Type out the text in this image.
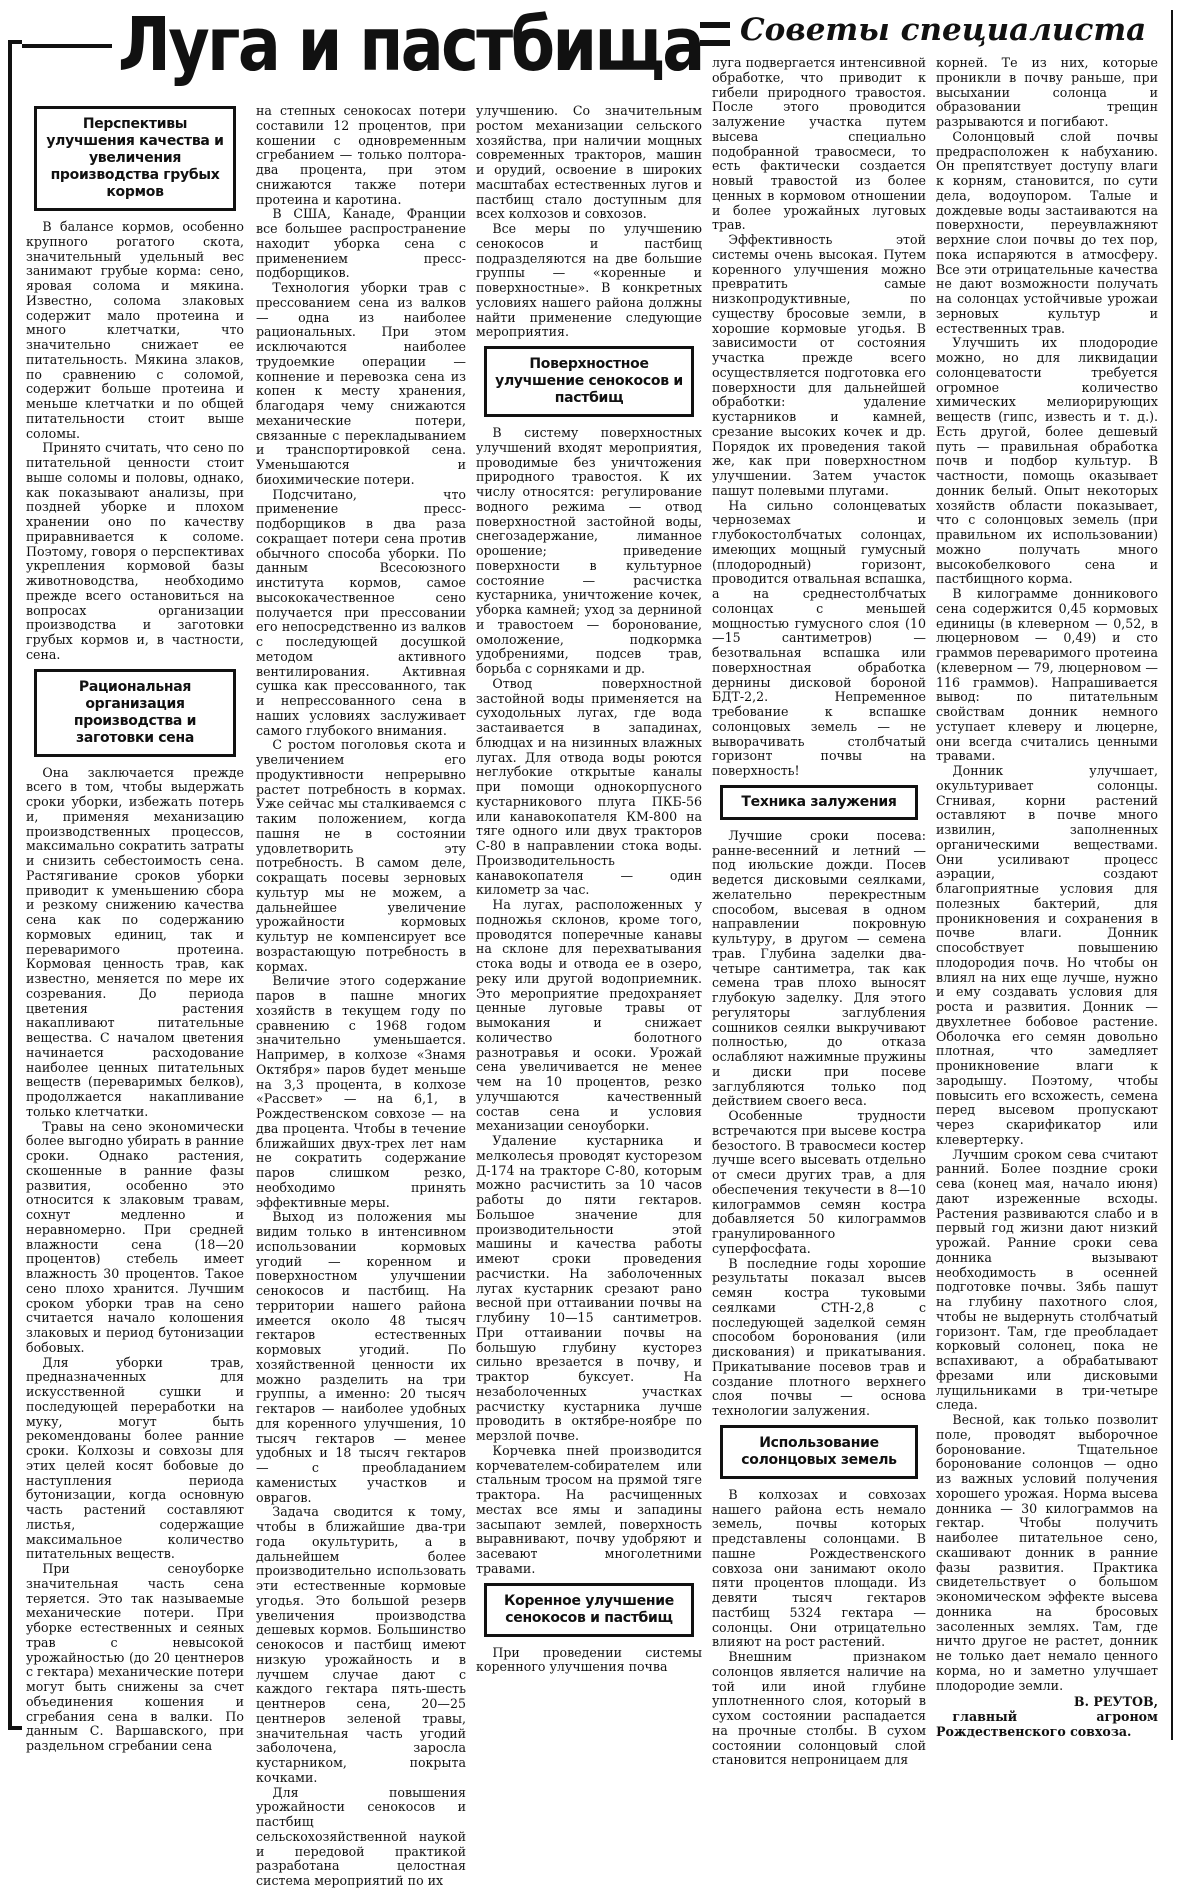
Луга и пастбища Советы специалиста
Перспективы улучшения качества и увеличения производства грубых кормов

В балансе кормов, особенно крупного рогатого скота, значительный удельный вес занимают грубые корма: сено, яровая солома и мякина. Известно, солома злаковых содержит мало протеина и много клетчатки, что значительно снижает ее питательность. Мякина злаков, по сравнению с соломой, содержит больше протеина и меньше клетчатки и по общей питательности стоит выше соломы.

Принято считать, что сено по питательной ценности стоит выше соломы и половы, однако, как показывают анализы, при поздней уборке и плохом хранении оно по качеству приравнивается к соломе. Поэтому, говоря о перспективах укрепления кормовой базы животноводства, необходимо прежде всего остановиться на вопросах организации производства и заготовки грубых кормов и, в частности, сена.

Рациональная организация производства и заготовки сена

Она заключается прежде всего в том, чтобы выдержать сроки уборки, избежать потерь и, применяя механизацию производственных процессов, максимально сократить затраты и снизить себестоимость сена. Растягивание сроков уборки приводит к уменьшению сбора и резкому снижению качества сена как по содержанию кормовых единиц, так и переваримого протеина. Кормовая ценность трав, как известно, меняется по мере их созревания. До периода цветения растения накапливают питательные вещества. С началом цветения начинается расходование наиболее ценных питательных веществ (переваримых белков), продолжается накапливание только клетчатки.

Травы на сено экономически более выгодно убирать в ранние сроки. Однако растения, скошенные в ранние фазы развития, особенно это относится к злаковым травам, сохнут медленно и неравномерно. При средней влажности сена (18—20 процентов) стебель имеет влажность 30 процентов. Такое сено плохо хранится. Лучшим сроком уборки трав на сено считается начало колошения злаковых и период бутонизации бобовых.

Для уборки трав, предназначенных для искусственной сушки и последующей переработки на муку, могут быть рекомендованы более ранние сроки. Колхозы и совхозы для этих целей косят бобовые до наступления периода бутонизации, когда основную часть растений составляют листья, содержащие максимальное количество питательных веществ.

При сеноуборке значительная часть сена теряется. Это так называемые механические потери. При уборке естественных и сеяных трав с невысокой урожайностью (до 20 центнеров с гектара) механические потери могут быть снижены за счет объединения кошения и сгребания сена в валки. По данным С. Варшавского, при раздельном сгребании сена

на степных сенокосах потери составили 12 процентов, при кошении с одновременным сгребанием — только полтора-два процента, при этом снижаются также потери протеина и каротина.

В США, Канаде, Франции все большее распространение находит уборка сена с применением пресс-подборщиков.

Технология уборки трав с прессованием сена из валков — одна из наиболее рациональных. При этом исключаются наиболее трудоемкие операции — копнение и перевозка сена из копен к месту хранения, благодаря чему снижаются механические потери, связанные с перекладыванием и транспортировкой сена. Уменьшаются и биохимические потери.

Подсчитано, что применение пресс-подборщиков в два раза сокращает потери сена против обычного способа уборки. По данным Всесоюзного института кормов, самое высококачественное сено получается при прессовании его непосредственно из валков с последующей досушкой методом активного вентилирования. Активная сушка как прессованного, так и непрессованного сена в наших условиях заслуживает самого глубокого внимания.

С ростом поголовья скота и увеличением его продуктивности непрерывно растет потребность в кормах. Уже сейчас мы сталкиваемся с таким положением, когда пашня не в состоянии удовлетворить эту потребность. В самом деле, сокращать посевы зерновых культур мы не можем, а дальнейшее увеличение урожайности кормовых культур не компенсирует все возрастающую потребность в кормах.

Величие этого содержание паров в пашне многих хозяйств в текущем году по сравнению с 1968 годом значительно уменьшается. Например, в колхозе «Знамя Октября» паров будет меньше на 3,3 процента, в колхозе «Рассвет» — на 6,1, в Рождественском совхозе — на два процента. Чтобы в течение ближайших двух-трех лет нам не сократить содержание паров слишком резко, необходимо принять эффективные меры.

Выход из положения мы видим только в интенсивном использовании кормовых угодий — коренном и поверхностном улучшении сенокосов и пастбищ. На территории нашего района имеется около 48 тысяч гектаров естественных кормовых угодий. По хозяйственной ценности их можно разделить на три группы, а именно: 20 тысяч гектаров — наиболее удобных для коренного улучшения, 10 тысяч гектаров — менее удобных и 18 тысяч гектаров — с преобладанием каменистых участков и оврагов.

Задача сводится к тому, чтобы в ближайшие два-три года окультурить, а в дальнейшем более производительно использовать эти естественные кормовые угодья. Это большой резерв увеличения производства дешевых кормов. Большинство сенокосов и пастбищ имеют низкую урожайность и в лучшем случае дают с каждого гектара пять-шесть центнеров сена, 20—25 центнеров зеленой травы, значительная часть угодий заболочена, заросла кустарником, покрыта кочками.

Для повышения урожайности сенокосов и пастбищ сельскохозяйственной наукой и передовой практикой разработана целостная система мероприятий по их

улучшению. Со значительным ростом механизации сельского хозяйства, при наличии мощных современных тракторов, машин и орудий, освоение в широких масштабах естественных лугов и пастбищ стало доступным для всех колхозов и совхозов.

Все меры по улучшению сенокосов и пастбищ подразделяются на две большие группы — «коренные и поверхностные». В конкретных условиях нашего района должны найти применение следующие мероприятия.

Поверхностное улучшение сенокосов и пастбищ

В систему поверхностных улучшений входят мероприятия, проводимые без уничтожения природного травостоя. К их числу относятся: регулирование водного режима — отвод поверхностной застойной воды, снегозадержание, лиманное орошение; приведение поверхности в культурное состояние — расчистка кустарника, уничтожение кочек, уборка камней; уход за дерниной и травостоем — боронование, омоложение, подкормка удобрениями, подсев трав, борьба с сорняками и др.

Отвод поверхностной застойной воды применяется на суходольных лугах, где вода застаивается в западинах, блюдцах и на низинных влажных лугах. Для отвода воды роются неглубокие открытые каналы при помощи однокорпусного кустарникового плуга ПКБ-56 или канавокопателя КМ-800 на тяге одного или двух тракторов С-80 в направлении стока воды. Производительность канавокопателя — один километр за час.

На лугах, расположенных у подножья склонов, кроме того, проводятся поперечные канавы на склоне для перехватывания стока воды и отвода ее в озеро, реку или другой водоприемник. Это мероприятие предохраняет ценные луговые травы от вымокания и снижает количество болотного разнотравья и осоки. Урожай сена увеличивается не менее чем на 10 процентов, резко улучшаются качественный состав сена и условия механизации сеноуборки.

Удаление кустарника и мелколесья проводят кусторезом Д-174 на тракторе С-80, которым можно расчистить за 10 часов работы до пяти гектаров. Большое значение для производительности этой машины и качества работы имеют сроки проведения расчистки. На заболоченных лугах кустарник срезают рано весной при оттаивании почвы на глубину 10—15 сантиметров. При оттаивании почвы на большую глубину кусторез сильно врезается в почву, и трактор буксует. На незаболоченных участках расчистку кустарника лучше проводить в октябре-ноябре по мерзлой почве.

Корчевка пней производится корчевателем-собирателем или стальным тросом на прямой тяге трактора. На расчищенных местах все ямы и западины засыпают землей, поверхность выравнивают, почву удобряют и засевают многолетними травами.

Коренное улучшение сенокосов и пастбищ

При проведении системы коренного улучшения почва

луга подвергается интенсивной обработке, что приводит к гибели природного травостоя. После этого проводится залужение участка путем высева специально подобранной травосмеси, то есть фактически создается новый травостой из более ценных в кормовом отношении и более урожайных луговых трав.

Эффективность этой системы очень высокая. Путем коренного улучшения можно превратить самые низкопродуктивные, по существу бросовые земли, в хорошие кормовые угодья. В зависимости от состояния участка прежде всего осуществляется подготовка его поверхности для дальнейшей обработки: удаление кустарников и камней, срезание высоких кочек и др. Порядок их проведения такой же, как при поверхностном улучшении. Затем участок пашут полевыми плугами.

На сильно солонцеватых черноземах и глубокостолбчатых солонцах, имеющих мощный гумусный (плодородный) горизонт, проводится отвальная вспашка, а на среднестолбчатых солонцах с меньшей мощностью гумусного слоя (10—15 сантиметров) — безотвальная вспашка или поверхностная обработка дернины дисковой бороной БДТ-2,2. Непременное требование к вспашке солонцовых земель — не выворачивать столбчатый горизонт почвы на поверхность!

Техника залужения

Лучшие сроки посева: ранне-весенний и летний — под июльские дожди. Посев ведется дисковыми сеялками, желательно перекрестным способом, высевая в одном направлении покровную культуру, в другом — семена трав. Глубина заделки два-четыре сантиметра, так как семена трав плохо выносят глубокую заделку. Для этого регуляторы заглубления сошников сеялки выкручивают полностью, до отказа ослабляют нажимные пружины и диски при посеве заглубляются только под действием своего веса.

Особенные трудности встречаются при высеве костра безостого. В травосмеси костер лучше всего высевать отдельно от смеси других трав, а для обеспечения текучести в 8—10 килограммов семян костра добавляется 50 килограммов гранулированного суперфосфата.

В последние годы хорошие результаты показал высев семян костра туковыми сеялками СТН-2,8 с последующей заделкой семян способом боронования (или дискования) и прикатывания. Прикатывание посевов трав и создание плотного верхнего слоя почвы — основа технологии залужения.

Использование солонцовых земель

В колхозах и совхозах нашего района есть немало земель, почвы которых представлены солонцами. В пашне Рождественского совхоза они занимают около пяти процентов площади. Из девяти тысяч гектаров пастбищ 5324 гектара — солонцы. Они отрицательно влияют на рост растений.

Внешним признаком солонцов является наличие на той или иной глубине уплотненного слоя, который в сухом состоянии распадается на прочные столбы. В сухом состоянии солонцовый слой становится непроницаем для

корней. Те из них, которые проникли в почву раньше, при высыхании солонца и образовании трещин разрываются и погибают.

Солонцовый слой почвы предрасположен к набуханию. Он препятствует доступу влаги к корням, становится, по сути дела, водоупором. Талые и дождевые воды застаиваются на поверхности, переувлажняют верхние слои почвы до тех пор, пока испаряются в атмосферу. Все эти отрицательные качества не дают возможности получать на солонцах устойчивые урожаи зерновых культур и естественных трав.

Улучшить их плодородие можно, но для ликвидации солонцеватости требуется огромное количество химических мелиорирующих веществ (гипс, известь и т. д.). Есть другой, более дешевый путь — правильная обработка почв и подбор культур. В частности, помощь оказывает донник белый. Опыт некоторых хозяйств области показывает, что с солонцовых земель (при правильном их использовании) можно получать много высокобелкового сена и пастбищного корма.

В килограмме донникового сена содержится 0,45 кормовых единицы (в клеверном — 0,52, в люцерновом — 0,49) и сто граммов переваримого протеина (клеверном — 79, люцерновом — 116 граммов). Напрашивается вывод: по питательным свойствам донник немного уступает клеверу и люцерне, они всегда считались ценными травами.

Донник улучшает, окультуривает солонцы. Сгнивая, корни растений оставляют в почве много извилин, заполненных органическими веществами. Они усиливают процесс аэрации, создают благоприятные условия для полезных бактерий, для проникновения и сохранения в почве влаги. Донник способствует повышению плодородия почв. Но чтобы он влиял на них еще лучше, нужно и ему создавать условия для роста и развития. Донник — двухлетнее бобовое растение. Оболочка его семян довольно плотная, что замедляет проникновение влаги к зародышу. Поэтому, чтобы повысить его всхожесть, семена перед высевом пропускают через скарификатор или клевертерку.

Лучшим сроком сева считают ранний. Более поздние сроки сева (конец мая, начало июня) дают изреженные всходы. Растения развиваются слабо и в первый год жизни дают низкий урожай. Ранние сроки сева донника вызывают необходимость в осенней подготовке почвы. Зябь пашут на глубину пахотного слоя, чтобы не выдернуть столбчатый горизонт. Там, где преобладает корковый солонец, пока не вспахивают, а обрабатывают фрезами или дисковыми лущильниками в три-четыре следа.

Весной, как только позволит поле, проводят выборочное боронование. Тщательное боронование солонцов — одно из важных условий получения хорошего урожая. Норма высева донника — 30 килограммов на гектар. Чтобы получить наиболее питательное сено, скашивают донник в ранние фазы развития. Практика свидетельствует о большом экономическом эффекте высева донника на бросовых засоленных землях. Там, где ничто другое не растет, донник не только дает немало ценного корма, но и заметно улучшает плодородие земли.

В. РЕУТОВ,
главный агроном Рождественского совхоза.
